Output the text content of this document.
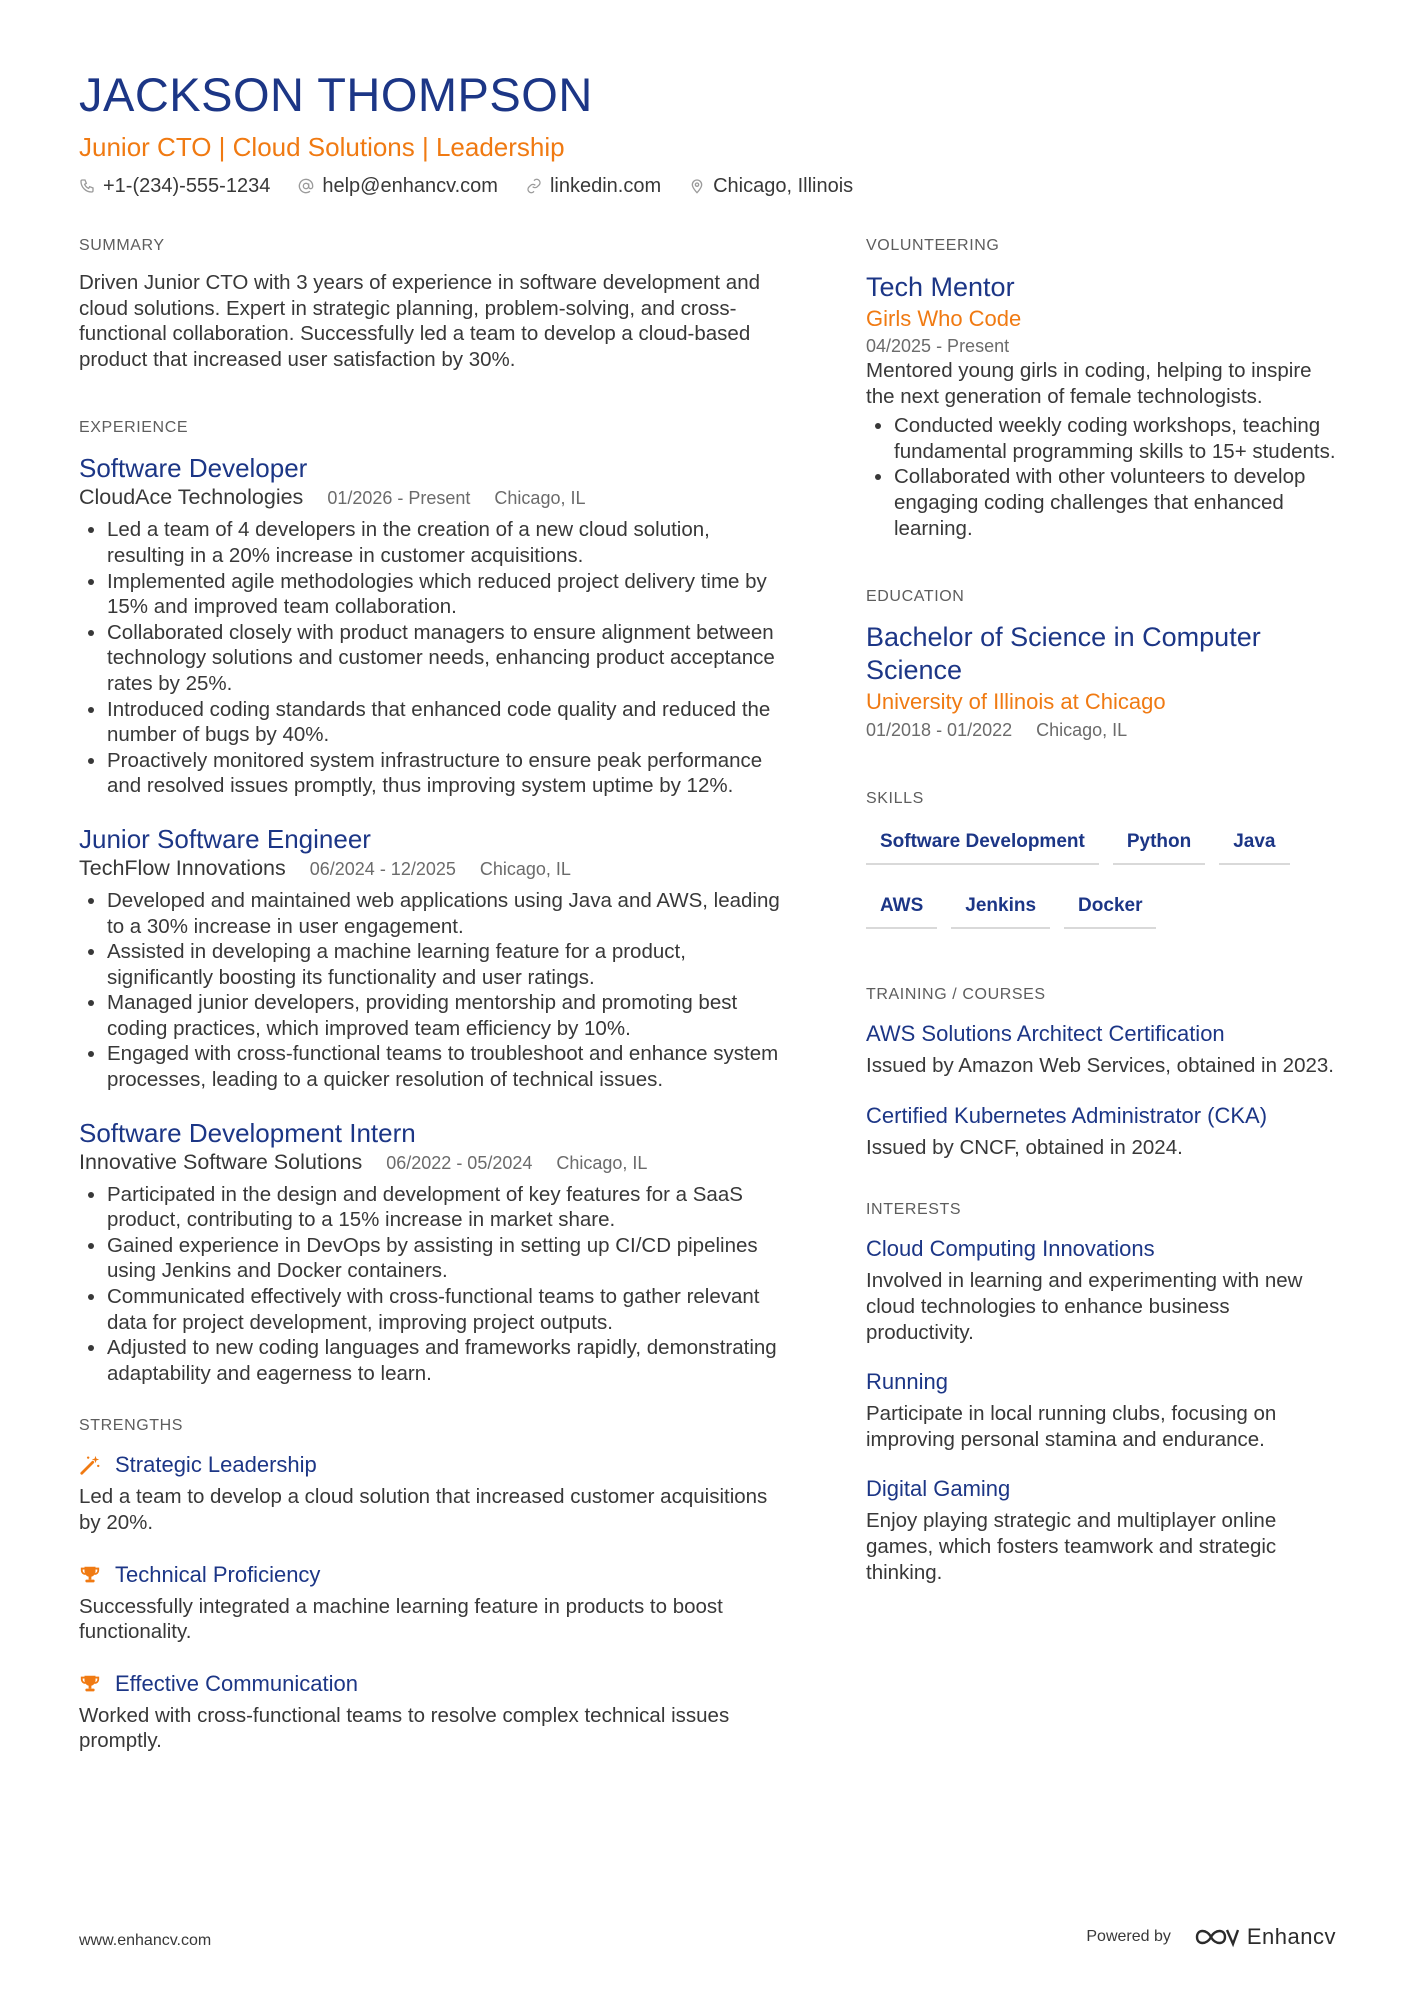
JACKSON THOMPSON
Junior CTO | Cloud Solutions | Leadership
+1-(234)-555-1234	help@enhancv.com	linkedin.com	Chicago, Illinois
SUMMARY

Driven Junior CTO with 3 years of experience in software development and cloud solutions. Expert in strategic planning, problem-solving, and cross-functional collaboration. Successfully led a team to develop a cloud-based product that increased user satisfaction by 30%.

EXPERIENCE
Software Developer
CloudAce Technologies 01/2026 - Present Chicago, IL
• Led a team of 4 developers in the creation of a new cloud solution, resulting in a 20% increase in customer acquisitions.
• Implemented agile methodologies which reduced project delivery time by 15% and improved team collaboration.
• Collaborated closely with product managers to ensure alignment between technology solutions and customer needs, enhancing product acceptance rates by 25%.
• Introduced coding standards that enhanced code quality and reduced the number of bugs by 40%.
• Proactively monitored system infrastructure to ensure peak performance and resolved issues promptly, thus improving system uptime by 12%.
Junior Software Engineer
TechFlow Innovations 06/2024 - 12/2025 Chicago, IL
• Developed and maintained web applications using Java and AWS, leading to a 30% increase in user engagement.
• Assisted in developing a machine learning feature for a product, significantly boosting its functionality and user ratings.
• Managed junior developers, providing mentorship and promoting best coding practices, which improved team efficiency by 10%.
• Engaged with cross-functional teams to troubleshoot and enhance system processes, leading to a quicker resolution of technical issues.
Software Development Intern
Innovative Software Solutions 06/2022 - 05/2024 Chicago, IL
• Participated in the design and development of key features for a SaaS product, contributing to a 15% increase in market share.
• Gained experience in DevOps by assisting in setting up CI/CD pipelines using Jenkins and Docker containers.
• Communicated effectively with cross-functional teams to gather relevant data for project development, improving project outputs.
• Adjusted to new coding languages and frameworks rapidly, demonstrating adaptability and eagerness to learn.
STRENGTHS
Strategic Leadership

Led a team to develop a cloud solution that increased customer acquisitions by 20%.

Technical Proficiency

Successfully integrated a machine learning feature in products to boost functionality.

Effective Communication

Worked with cross-functional teams to resolve complex technical issues promptly.

VOLUNTEERING
Tech Mentor
Girls Who Code
04/2025 - Present

Mentored young girls in coding, helping to inspire the next generation of female technologists.

• Conducted weekly coding workshops, teaching fundamental programming skills to 15+ students.
• Collaborated with other volunteers to develop engaging coding challenges that enhanced learning.
EDUCATION
Bachelor of Science in Computer Science
University of Illinois at Chicago
01/2018 - 01/2022 Chicago, IL
SKILLS
Software Development	Python	Java
AWS	Jenkins	Docker
TRAINING / COURSES
AWS Solutions Architect Certification

Issued by Amazon Web Services, obtained in 2023.

Certified Kubernetes Administrator (CKA)

Issued by CNCF, obtained in 2024.

INTERESTS
Cloud Computing Innovations

Involved in learning and experimenting with new cloud technologies to enhance business productivity.

Running

Participate in local running clubs, focusing on improving personal stamina and endurance.

Digital Gaming

Enjoy playing strategic and multiplayer online games, which fosters teamwork and strategic thinking.

www.enhancv.com	Powered by	Enhancv
